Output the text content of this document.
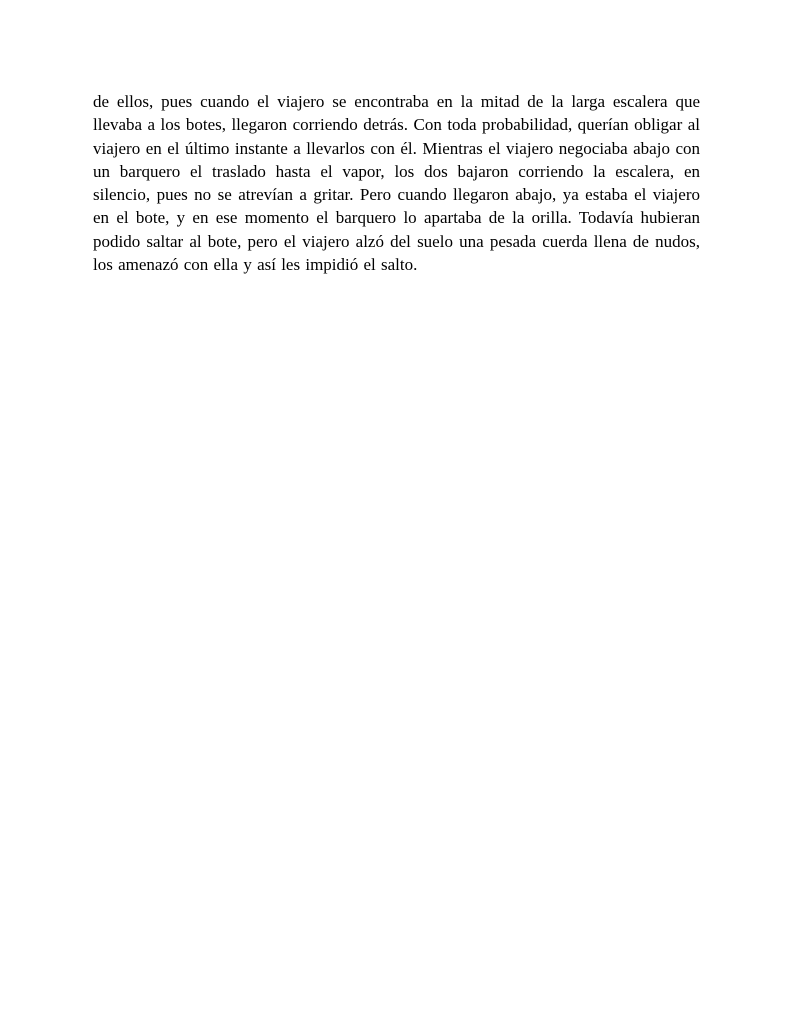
de ellos, pues cuando el viajero se encontraba en la mitad de la larga escalera que llevaba a los botes, llegaron corriendo detrás. Con toda probabilidad, querían obligar al viajero en el último instante a llevarlos con él. Mientras el viajero negociaba abajo con un barquero el traslado hasta el vapor, los dos bajaron corriendo la escalera, en silencio, pues no se atrevían a gritar. Pero cuando llegaron abajo, ya estaba el viajero en el bote, y en ese momento el barquero lo apartaba de la orilla. Todavía hubieran podido saltar al bote, pero el viajero alzó del suelo una pesada cuerda llena de nudos, los amenazó con ella y así les impidió el salto.
